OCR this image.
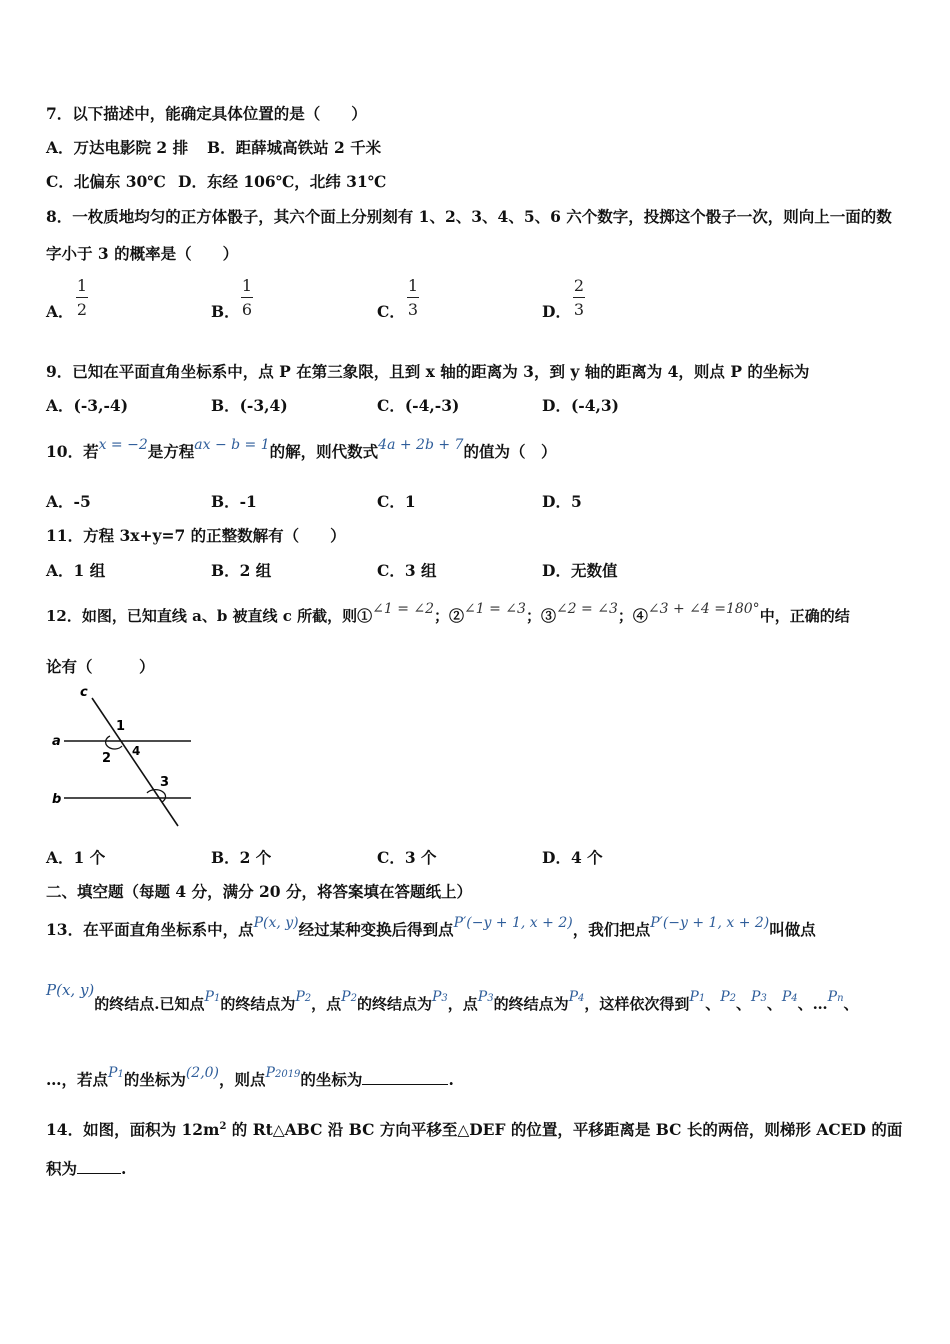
7．以下描述中，能确定具体位置的是（　　）
A．万达电影院 2 排 B．距薛城高铁站 2 千米
C．北偏东 30℃ D．东经 106℃，北纬 31℃
8．一枚质地均匀的正方体骰子，其六个面上分别刻有 1、2、3、4、5、6 六个数字，投掷这个骰子一次，则向上一面的数
字小于 3 的概率是（　　）
A．
1
2	B．
1
6	C．
1
3	D．
2
3
9．已知在平面直角坐标系中，点 P 在第三象限，且到 x 轴的距离为 3，到 y 轴的距离为 4，则点 P 的坐标为
A．(-3,-4)	B．(-3,4)	C．(-4,-3)	D．(-4,3)
10．若x = −2是方程ax − b = 1的解，则代数式4a + 2b + 7的值为（　）
A．-5	B．-1	C．1	D．5
11．方程 3x+y=7 的正整数解有（　　）
A．1 组	B．2 组	C．3 组	D．无数值
12．如图，已知直线 a、b 被直线 c 所截，则①∠1 = ∠2；②∠1 = ∠3；③∠2 = ∠3；④∠3 + ∠4 =180°中，正确的结
论有（　　　）
c
a
b
1
2 4
3
A．1 个	B．2 个	C．3 个	D．4 个
二、填空题（每题 4 分，满分 20 分，将答案填在答题纸上）
13．在平面直角坐标系中，点P(x, y)经过某种变换后得到点P′(−y + 1, x + 2)，我们把点P′(−y + 1, x + 2)叫做点
P(x, y)的终结点.已知点P1的终结点为P2，点P2的终结点为P3，点P3的终结点为P4，这样依次得到P1、P2、P3、P4、…Pn、
…，若点P1的坐标为(2,0)，则点P2019的坐标为	.
14．如图，面积为 $12m^2$ 的 Rt△ABC 沿 BC 方向平移至△DEF 的位置，平移距离是 BC 长的两倍，则梯形 ACED 的面
积为	.
